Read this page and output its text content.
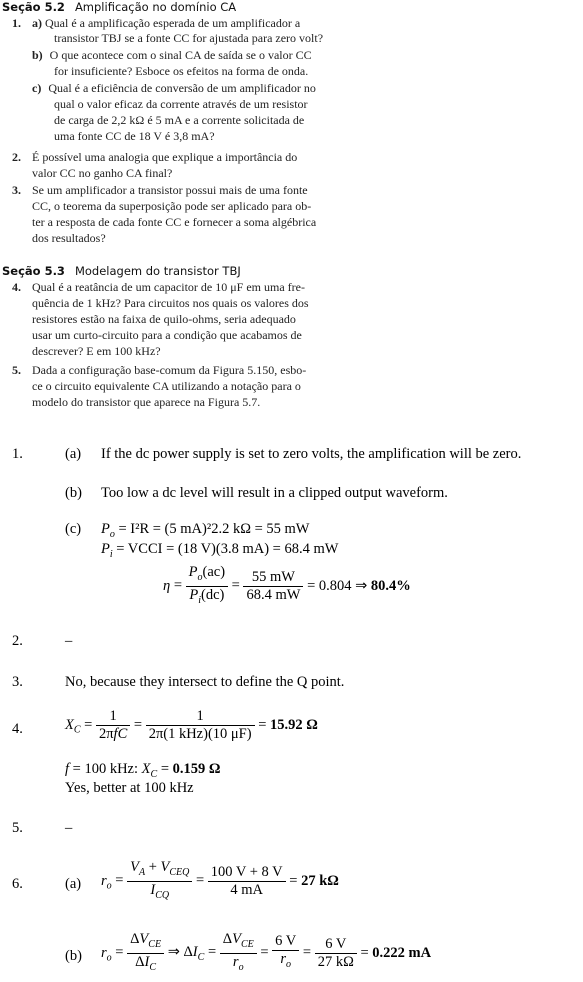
Seção 5.2 Amplificação no domínio CA
1. a) Qual é a amplificação esperada de um amplificador a
transistor TBJ se a fonte CC for ajustada para zero volt?
b) O que acontece com o sinal CA de saída se o valor CC
for insuficiente? Esboce os efeitos na forma de onda.
c) Qual é a eficiência de conversão de um amplificador no
qual o valor eficaz da corrente através de um resistor
de carga de 2,2 kΩ é 5 mA e a corrente solicitada de
uma fonte CC de 18 V é 3,8 mA?
2. É possível uma analogia que explique a importância do
valor CC no ganho CA final?
3. Se um amplificador a transistor possui mais de uma fonte
CC, o teorema da superposição pode ser aplicado para ob-
ter a resposta de cada fonte CC e fornecer a soma algébrica
dos resultados?
Seção 5.3 Modelagem do transistor TBJ
4. Qual é a reatância de um capacitor de 10 μF em uma fre-
quência de 1 kHz? Para circuitos nos quais os valores dos
resistores estão na faixa de quilo-ohms, seria adequado
usar um curto-circuito para a condição que acabamos de
descrever? E em 100 kHz?
5. Dada a configuração base-comum da Figura 5.150, esbo-
ce o circuito equivalente CA utilizando a notação para o
modelo do transistor que aparece na Figura 5.7.
1.	(a) If the dc power supply is set to zero volts, the amplification will be zero.
(b) Too low a dc level will result in a clipped output waveform.
(c) $P_o = I^2R = (5$ mA)²2.2 kΩ = 55 mW
$P_i$ = VCCI = (18 V)(3.8 mA) = 68.4 mW
$\eta = \frac{P_o(ac)}{P_i(dc)} = \frac{55 mW}{68.4 mW} = 0.804$ ⇒ 80.4%
2.	–
3.	No, because they intersect to define the Q point.
4.	$X_C = \frac{1}{\text{2πfC}} = \frac{1}{\text{2π(1 kHz)(10 μF)}} = 15.92$ Ω
f = 100 kHz: $X_C = 0.159$ Ω
Yes, better at 100 kHz
5.	–
6.	(a) $r_o = \frac{V_A + V_{CEQ}}{I_{CQ}} = \frac{100 V + 8 V}{4 mA} = 27$ kΩ
(b) $r_o = \frac{\Delta V_{CE}}{\Delta I_C}$ ⇒ $\Delta I_C = \frac{\Delta V_{CE}}{r_o} = \frac{6 V}{r_o} = \frac{6 V}{27 k\Omega} = 0.222$ mA
